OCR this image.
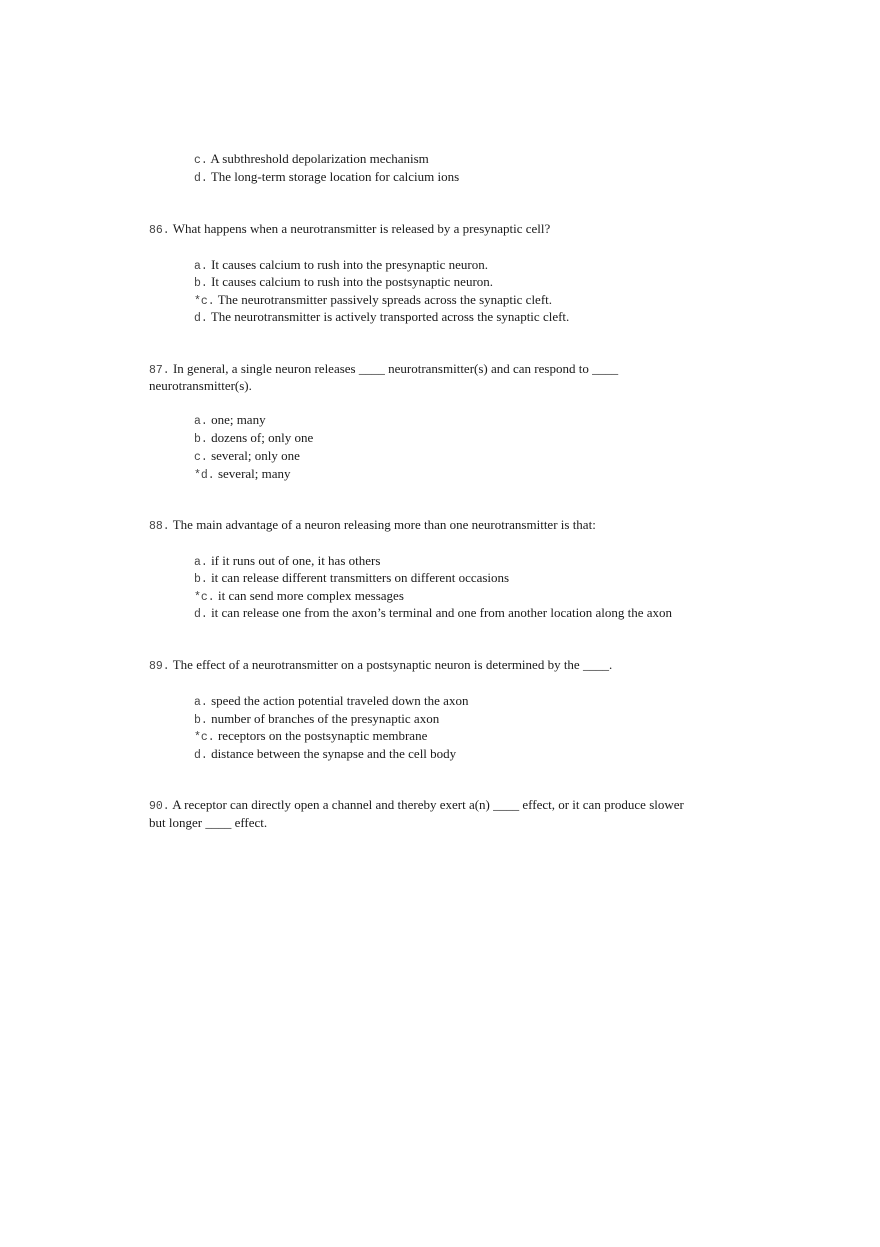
c. A subthreshold depolarization mechanism
d. The long-term storage location for calcium ions
86. What happens when a neurotransmitter is released by a presynaptic cell?
a. It causes calcium to rush into the presynaptic neuron.
b. It causes calcium to rush into the postsynaptic neuron.
*c. The neurotransmitter passively spreads across the synaptic cleft.
d. The neurotransmitter is actively transported across the synaptic cleft.
87. In general, a single neuron releases ____ neurotransmitter(s) and can respond to ____
neurotransmitter(s).
a. one; many
b. dozens of; only one
c. several; only one
*d. several; many
88. The main advantage of a neuron releasing more than one neurotransmitter is that:
a. if it runs out of one, it has others
b. it can release different transmitters on different occasions
*c. it can send more complex messages
d. it can release one from the axon’s terminal and one from another location along the axon
89. The effect of a neurotransmitter on a postsynaptic neuron is determined by the ____.
a. speed the action potential traveled down the axon
b. number of branches of the presynaptic axon
*c. receptors on the postsynaptic membrane
d. distance between the synapse and the cell body
90. A receptor can directly open a channel and thereby exert a(n) ____ effect, or it can produce slower
but longer ____ effect.
